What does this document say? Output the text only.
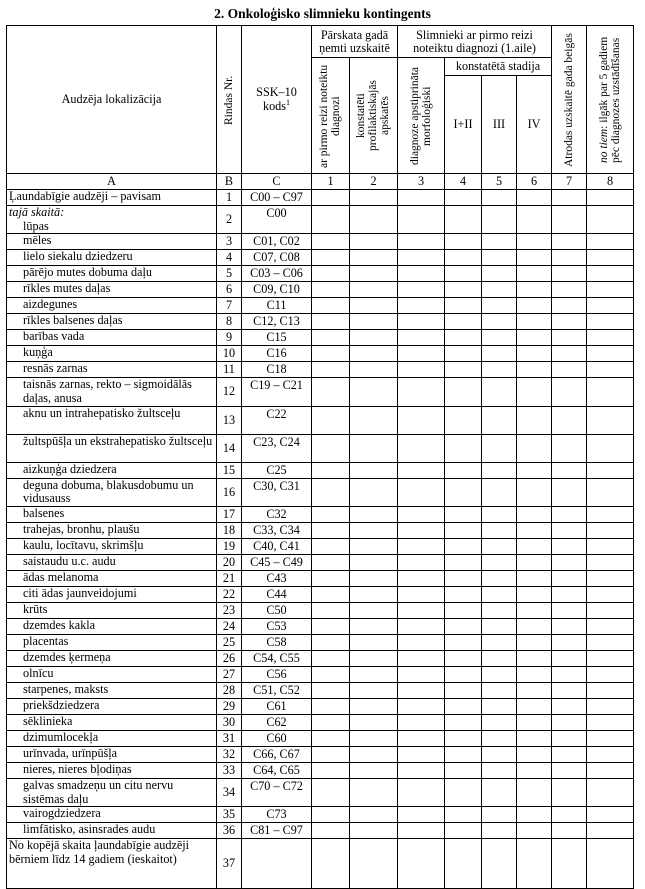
2. Onkoloģisko slimnieku kontingents
Audzēja lokalizācija	Rindas Nr.	SSK–10 kods$^1$	Pārskata gadā ņemti uzskaitē		Slimnieki ar pirmo reizi noteiktu diagnozi (1.aile)				Atrodas uzskaitē gada beigās	no tiem: ilgāk par 5 gadiem pēc diagnozes uzstādīšanas

			ar pirmo reizi noteiktu diagnozi	konstatēti profilaktiskajās apskatēs	diagnoze apstiprināta morfoloģiski	konstatētā stadija				
						I+II	III	IV		
A	B	C	1	2	3	4	5	6	7	8
Ļaundabīgie audzēji – pavisam	1	C00 – C97								

tajā skaitā:
lūpas	2	C00								
mēles	3	C01, C02								
lielo siekalu dziedzeru	4	C07, C08								
pārējo mutes dobuma daļu	5	C03 – C06								
rīkles mutes daļas	6	C09, C10								
aizdegunes	7	C11								
rīkles balsenes daļas	8	C12, C13								
barības vada	9	C15								
kuņģa	10	C16								
resnās zarnas	11	C18								
taisnās zarnas, rekto – sigmoidālās daļas, anusa	12	C19 – C21								
aknu un intrahepatisko žultsceļu	13	C22								
žultspūšļa un ekstrahepatisko žultsceļu	14	C23, C24								
aizkuņģa dziedzera	15	C25								
deguna dobuma, blakusdobumu un vidusauss	16	C30, C31								
balsenes	17	C32								
trahejas, bronhu, plaušu	18	C33, C34								
kaulu, locītavu, skrimšļu	19	C40, C41								
saistaudu u.c. audu	20	C45 – C49								
ādas melanoma	21	C43								
citi ādas jaunveidojumi	22	C44								
krūts	23	C50								
dzemdes kakla	24	C53								
placentas	25	C58								
dzemdes ķermeņa	26	C54, C55								
olnīcu	27	C56								
starpenes, maksts	28	C51, C52								
priekšdziedzera	29	C61								
sēklinieka	30	C62								
dzimumlocekļa	31	C60								
urīnvada, urīnpūšļa	32	C66, C67								
nieres, nieres bļodiņas	33	C64, C65								
galvas smadzeņu un citu nervu sistēmas daļu	34	C70 – C72								
vairogdziedzera	35	C73								
limfātisko, asinsrades audu	36	C81 – C97								
No kopējā skaita ļaundabīgie audzēji bērniem līdz 14 gadiem (ieskaitot)	37									
